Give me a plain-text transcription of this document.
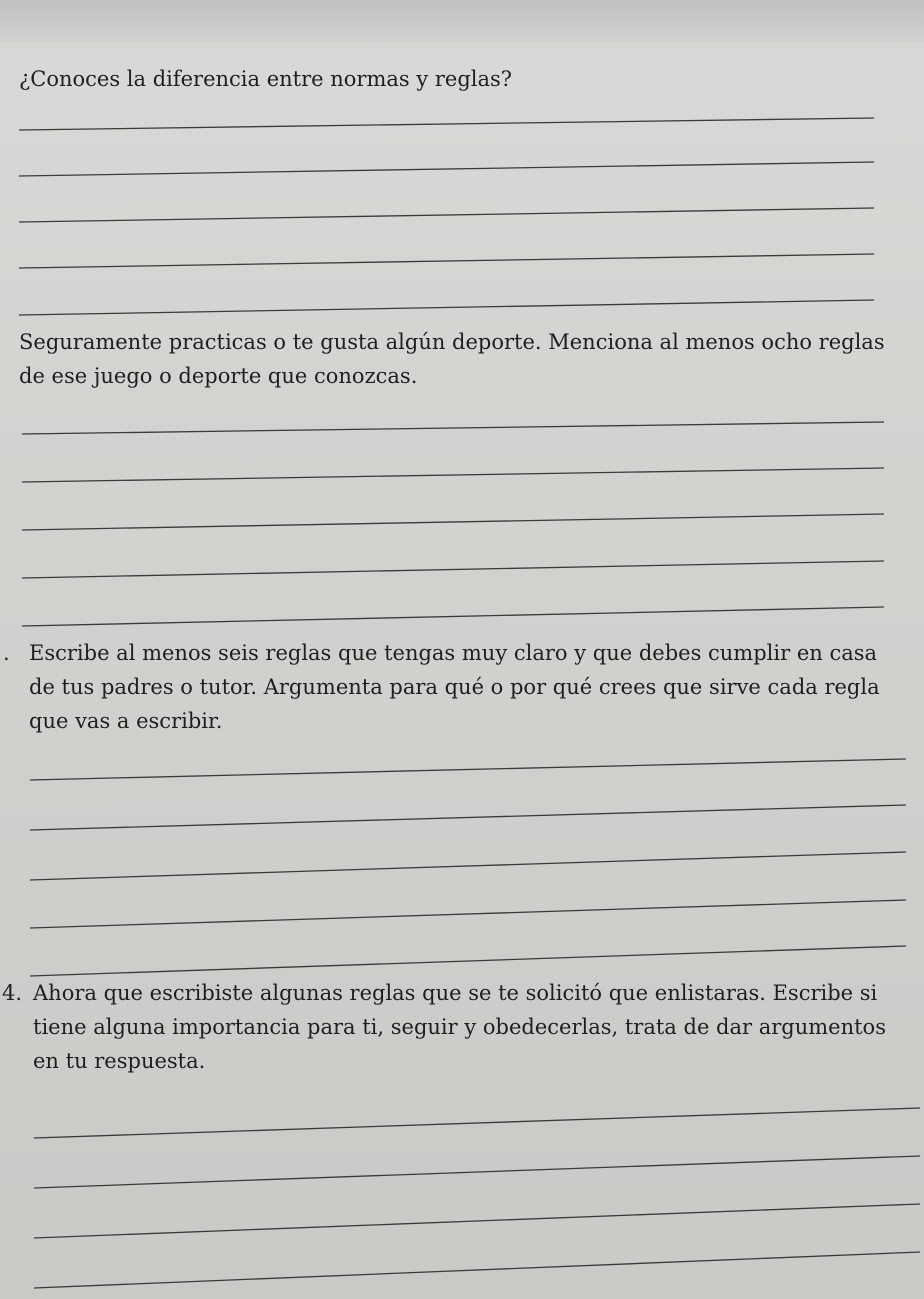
¿Conoces la diferencia entre normas y reglas?
Seguramente practicas o te gusta algún deporte. Menciona al menos ocho reglas
de ese juego o deporte que conozcas.
. Escribe al menos seis reglas que tengas muy claro y que debes cumplir en casa
de tus padres o tutor. Argumenta para qué o por qué crees que sirve cada regla
que vas a escribir.
4. Ahora que escribiste algunas reglas que se te solicitó que enlistaras. Escribe si
tiene alguna importancia para ti, seguir y obedecerlas, trata de dar argumentos
en tu respuesta.
